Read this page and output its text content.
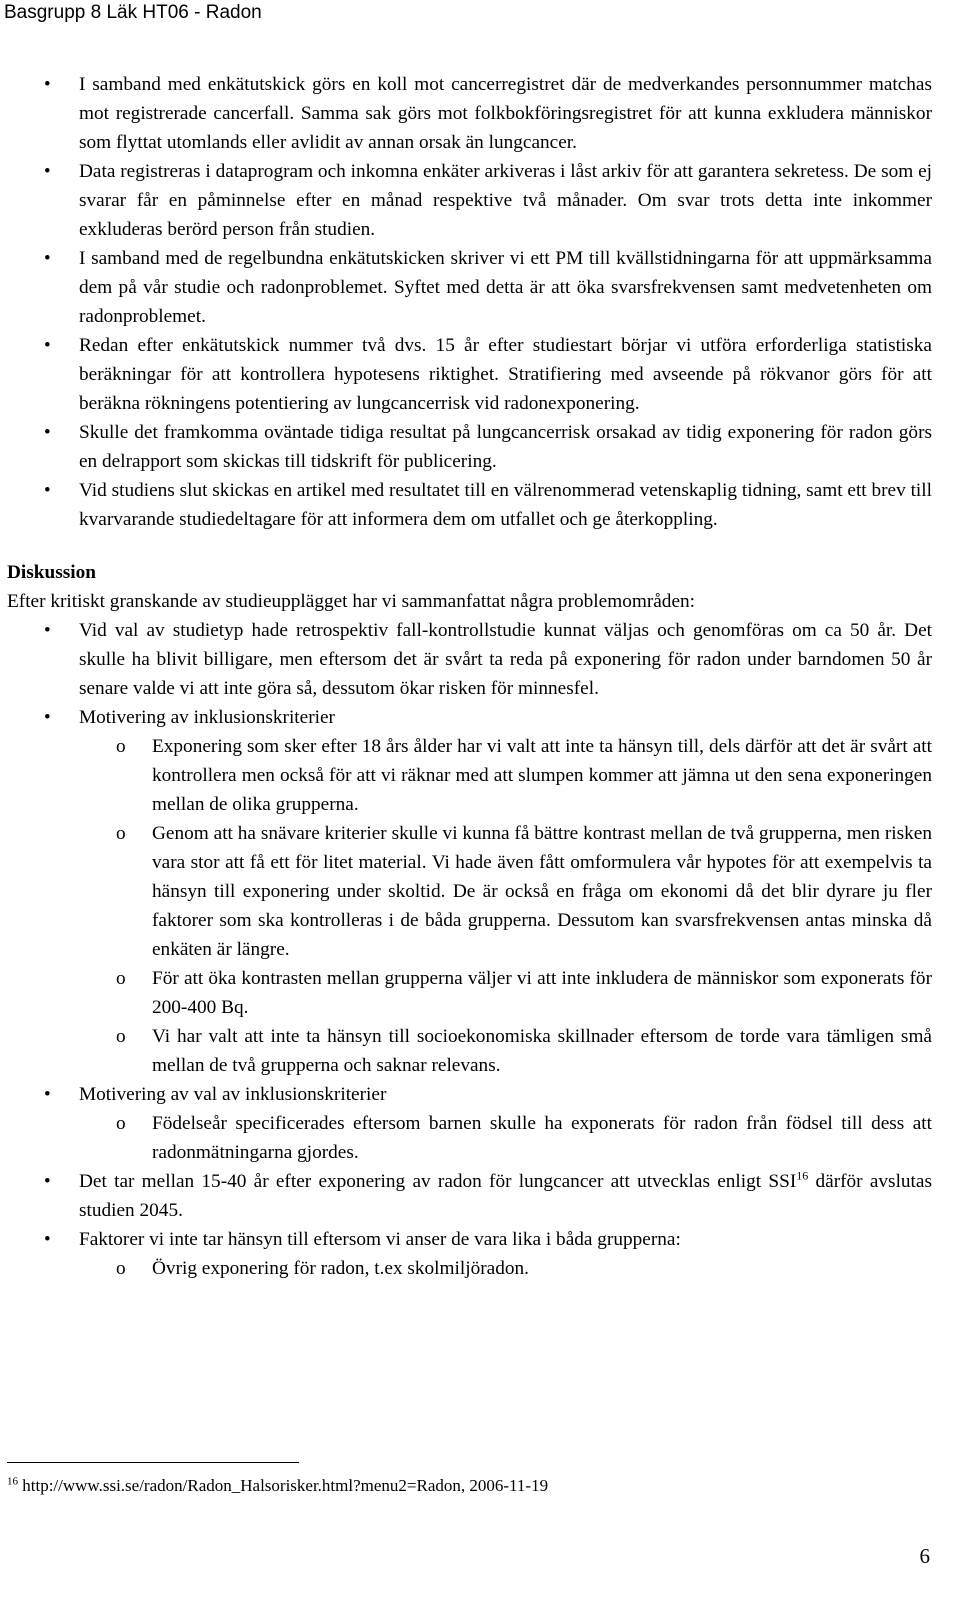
Basgrupp 8 Läk HT06 - Radon
• I samband med enkätutskick görs en koll mot cancerregistret där de medverkandes personnummer matchas mot registrerade cancerfall. Samma sak görs mot folkbokföringsregistret för att kunna exkludera människor som flyttat utomlands eller avlidit av annan orsak än lungcancer.
• Data registreras i dataprogram och inkomna enkäter arkiveras i låst arkiv för att garantera sekretess. De som ej svarar får en påminnelse efter en månad respektive två månader. Om svar trots detta inte inkommer exkluderas berörd person från studien.
• I samband med de regelbundna enkätutskicken skriver vi ett PM till kvällstidningarna för att uppmärksamma dem på vår studie och radonproblemet. Syftet med detta är att öka svarsfrekvensen samt medvetenheten om radonproblemet.
• Redan efter enkätutskick nummer två dvs. 15 år efter studiestart börjar vi utföra erforderliga statistiska beräkningar för att kontrollera hypotesens riktighet. Stratifiering med avseende på rökvanor görs för att beräkna rökningens potentiering av lungcancerrisk vid radonexponering.
• Skulle det framkomma oväntade tidiga resultat på lungcancerrisk orsakad av tidig exponering för radon görs en delrapport som skickas till tidskrift för publicering.
• Vid studiens slut skickas en artikel med resultatet till en välrenommerad vetenskaplig tidning, samt ett brev till kvarvarande studiedeltagare för att informera dem om utfallet och ge återkoppling.
Diskussion
Efter kritiskt granskande av studieupplägget har vi sammanfattat några problemområden:
• Vid val av studietyp hade retrospektiv fall-kontrollstudie kunnat väljas och genomföras om ca 50 år. Det skulle ha blivit billigare, men eftersom det är svårt ta reda på exponering för radon under barndomen 50 år senare valde vi att inte göra så, dessutom ökar risken för minnesfel.
• Motivering av inklusionskriterier
o Exponering som sker efter 18 års ålder har vi valt att inte ta hänsyn till, dels därför att det är svårt att kontrollera men också för att vi räknar med att slumpen kommer att jämna ut den sena exponeringen mellan de olika grupperna.
o Genom att ha snävare kriterier skulle vi kunna få bättre kontrast mellan de två grupperna, men risken vara stor att få ett för litet material. Vi hade även fått omformulera vår hypotes för att exempelvis ta hänsyn till exponering under skoltid. De är också en fråga om ekonomi då det blir dyrare ju fler faktorer som ska kontrolleras i de båda grupperna. Dessutom kan svarsfrekvensen antas minska då enkäten är längre.
o För att öka kontrasten mellan grupperna väljer vi att inte inkludera de människor som exponerats för 200-400 Bq.
o Vi har valt att inte ta hänsyn till socioekonomiska skillnader eftersom de torde vara tämligen små mellan de två grupperna och saknar relevans.
• Motivering av val av inklusionskriterier
o Födelseår specificerades eftersom barnen skulle ha exponerats för radon från födsel till dess att radonmätningarna gjordes.
• Det tar mellan 15-40 år efter exponering av radon för lungcancer att utvecklas enligt SSI$^{16}$ därför avslutas studien 2045.
• Faktorer vi inte tar hänsyn till eftersom vi anser de vara lika i båda grupperna:
o Övrig exponering för radon, t.ex skolmiljöradon.
$^{16}$ http://www.ssi.se/radon/Radon_Halsorisker.html?menu2=Radon, 2006-11-19
6
